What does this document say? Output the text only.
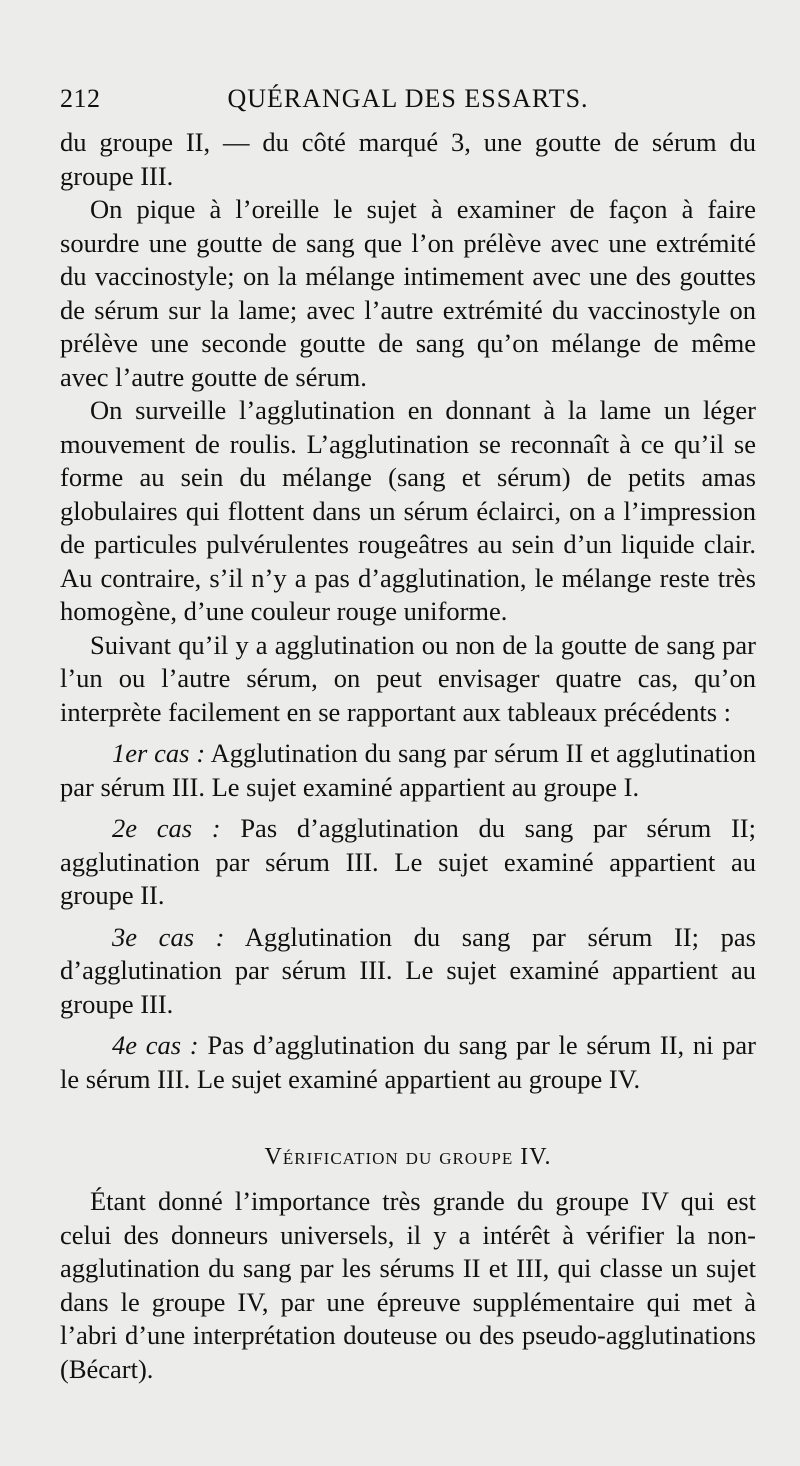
212	QUÉRANGAL DES ESSARTS.

du groupe II, — du côté marqué 3, une goutte de sérum du groupe III.

On pique à l’oreille le sujet à examiner de façon à faire sourdre une goutte de sang que l’on prélève avec une extrémité du vaccinostyle; on la mélange intimement avec une des gouttes de sérum sur la lame; avec l’autre extrémité du vaccinostyle on prélève une seconde goutte de sang qu’on mélange de même avec l’autre goutte de sérum.

On surveille l’agglutination en donnant à la lame un léger mouvement de roulis. L’agglutination se reconnaît à ce qu’il se forme au sein du mélange (sang et sérum) de petits amas globulaires qui flottent dans un sérum éclairci, on a l’impression de particules pulvérulentes rougeâtres au sein d’un liquide clair. Au contraire, s’il n’y a pas d’agglutination, le mélange reste très homogène, d’une couleur rouge uniforme.

Suivant qu’il y a agglutination ou non de la goutte de sang par l’un ou l’autre sérum, on peut envisager quatre cas, qu’on interprète facilement en se rapportant aux tableaux précédents :

1er cas : Agglutination du sang par sérum II et agglutination par sérum III. Le sujet examiné appartient au groupe I.

2e cas : Pas d’agglutination du sang par sérum II; agglutination par sérum III. Le sujet examiné appartient au groupe II.

3e cas : Agglutination du sang par sérum II; pas d’agglutination par sérum III. Le sujet examiné appartient au groupe III.

4e cas : Pas d’agglutination du sang par le sérum II, ni par le sérum III. Le sujet examiné appartient au groupe IV.

Vérification du groupe IV.

Étant donné l’importance très grande du groupe IV qui est celui des donneurs universels, il y a intérêt à vérifier la non-agglutination du sang par les sérums II et III, qui classe un sujet dans le groupe IV, par une épreuve supplémentaire qui met à l’abri d’une interprétation douteuse ou des pseudo-agglutinations (Bécart).
